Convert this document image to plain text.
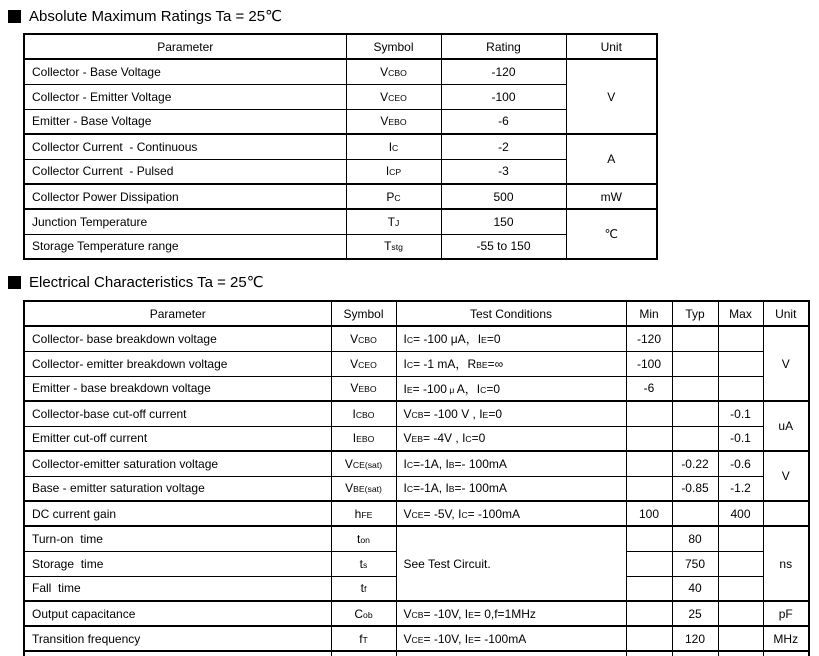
Absolute Maximum Ratings Ta = 25℃
Parameter	Symbol	Rating	Unit
Collector - Base Voltage	VCBO	-120	V
Collector - Emitter Voltage	VCEO	-100	
Emitter - Base Voltage	VEBO	-6	
Collector Current  - Continuous	IC	-2	A
Collector Current  - Pulsed	ICP	-3	
Collector Power Dissipation	PC	500	mW
Junction Temperature	TJ	150	℃
Storage Temperature range	Tstg	-55 to 150	
Electrical Characteristics Ta = 25℃
Parameter	Symbol	Test Conditions	Min	Typ	Max	Unit
Collector- base breakdown voltage	VCBO	IC= -100 μA，IE=0	-120			V
Collector- emitter breakdown voltage	VCEO	IC= -1 mA，RBE=∞	-100			
Emitter - base breakdown voltage	VEBO	IE= -100 μ A，IC=0	-6			
Collector-base cut-off current	ICBO	VCB= -100 V , IE=0			-0.1	uA
Emitter cut-off current	IEBO	VEB= -4V , IC=0			-0.1	
Collector-emitter saturation voltage	VCE(sat)	IC=-1A, IB=- 100mA		-0.22	-0.6	V
Base - emitter saturation voltage	VBE(sat)	IC=-1A, IB=- 100mA		-0.85	-1.2	
DC current gain	hFE	VCE= -5V, IC= -100mA	100		400	
Turn-on  time	ton	See Test Circuit.		80		ns
Storage  time	ts			750		
Fall  time	tf			40		
Output capacitance	Cob	VCB= -10V, IE= 0,f=1MHz		25		pF
Transition frequency	fT	VCE= -10V, IE= -100mA		120		MHz
